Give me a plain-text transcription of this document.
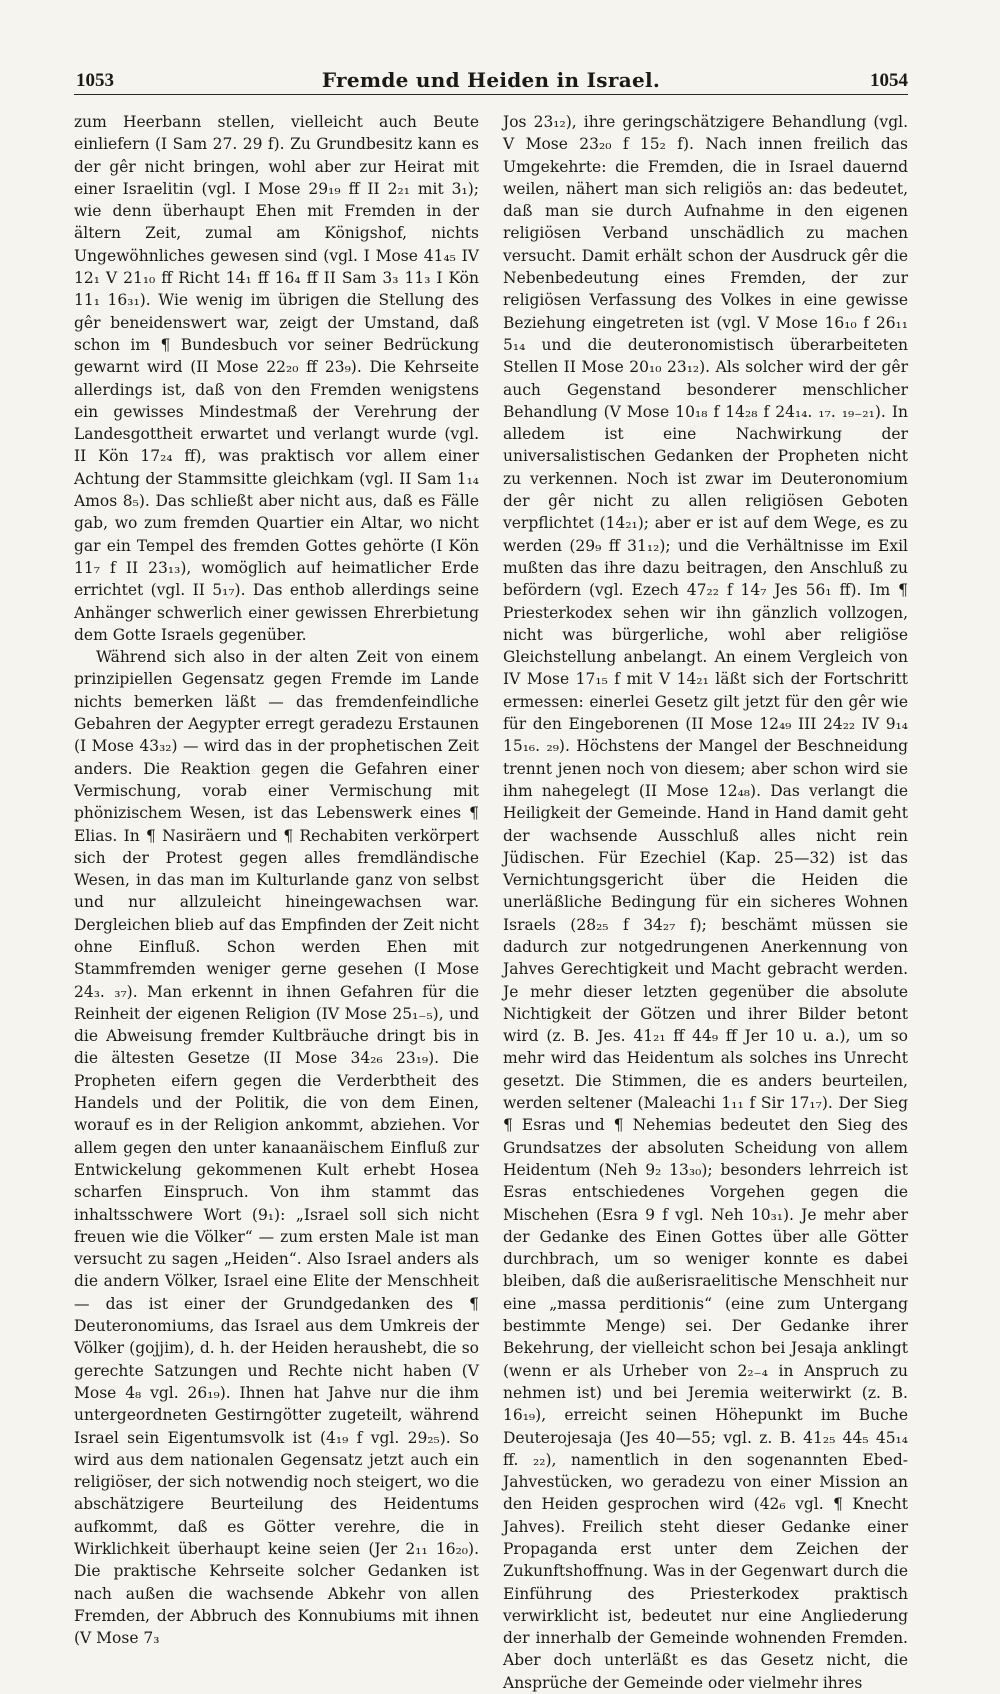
1053	Fremde und Heiden in Israel.	1054

zum Heerbann stellen, vielleicht auch Beute einliefern (I Sam 27. 29 f). Zu Grundbesitz kann es der gêr nicht bringen, wohl aber zur Heirat mit einer Israelitin (vgl. I Mose 29₁₉ ff II 2₂₁ mit 3₁); wie denn überhaupt Ehen mit Fremden in der ältern Zeit, zumal am Königshof, nichts Ungewöhnliches gewesen sind (vgl. I Mose 41₄₅ IV 12₁ V 21₁₀ ff Richt 14₁ ff 16₄ ff II Sam 3₃ 11₃ I Kön 11₁ 16₃₁). Wie wenig im übrigen die Stellung des gêr beneidenswert war, zeigt der Umstand, daß schon im ¶ Bundesbuch vor seiner Bedrückung gewarnt wird (II Mose 22₂₀ ff 23₉). Die Kehrseite allerdings ist, daß von den Fremden wenigstens ein gewisses Mindestmaß der Verehrung der Landesgottheit erwartet und verlangt wurde (vgl. II Kön 17₂₄ ff), was praktisch vor allem einer Achtung der Stammsitte gleichkam (vgl. II Sam 1₁₄ Amos 8₅). Das schließt aber nicht aus, daß es Fälle gab, wo zum fremden Quartier ein Altar, wo nicht gar ein Tempel des fremden Gottes gehörte (I Kön 11₇ f II 23₁₃), womöglich auf heimatlicher Erde errichtet (vgl. II 5₁₇). Das enthob allerdings seine Anhänger schwerlich einer gewissen Ehrerbietung dem Gotte Israels gegenüber.

Während sich also in der alten Zeit von einem prinzipiellen Gegensatz gegen Fremde im Lande nichts bemerken läßt — das fremdenfeindliche Gebahren der Aegypter erregt geradezu Erstaunen (I Mose 43₃₂) — wird das in der prophetischen Zeit anders. Die Reaktion gegen die Gefahren einer Vermischung, vorab einer Vermischung mit phönizischem Wesen, ist das Lebenswerk eines ¶ Elias. In ¶ Nasiräern und ¶ Rechabiten verkörpert sich der Protest gegen alles fremdländische Wesen, in das man im Kulturlande ganz von selbst und nur allzuleicht hineingewachsen war. Dergleichen blieb auf das Empfinden der Zeit nicht ohne Einfluß. Schon werden Ehen mit Stammfremden weniger gerne gesehen (I Mose 24₃. ₃₇). Man erkennt in ihnen Gefahren für die Reinheit der eigenen Religion (IV Mose 25₁₋₅), und die Abweisung fremder Kultbräuche dringt bis in die ältesten Gesetze (II Mose 34₂₆ 23₁₉). Die Propheten eifern gegen die Verderbtheit des Handels und der Politik, die von dem Einen, worauf es in der Religion ankommt, abziehen. Vor allem gegen den unter kanaanäischem Einfluß zur Entwickelung gekommenen Kult erhebt Hosea scharfen Einspruch. Von ihm stammt das inhaltsschwere Wort (9₁): „Israel soll sich nicht freuen wie die Völker“ — zum ersten Male ist man versucht zu sagen „Heiden“. Also Israel anders als die andern Völker, Israel eine Elite der Menschheit — das ist einer der Grundgedanken des ¶ Deuteronomiums, das Israel aus dem Umkreis der Völker (gojjim), d. h. der Heiden heraushebt, die so gerechte Satzungen und Rechte nicht haben (V Mose 4₈ vgl. 26₁₉). Ihnen hat Jahve nur die ihm untergeordneten Gestirngötter zugeteilt, während Israel sein Eigentumsvolk ist (4₁₉ f vgl. 29₂₅). So wird aus dem nationalen Gegensatz jetzt auch ein religiöser, der sich notwendig noch steigert, wo die abschätzigere Beurteilung des Heidentums aufkommt, daß es Götter verehre, die in Wirklichkeit überhaupt keine seien (Jer 2₁₁ 16₂₀). Die praktische Kehrseite solcher Gedanken ist nach außen die wachsende Abkehr von allen Fremden, der Abbruch des Konnubiums mit ihnen (V Mose 7₃

Jos 23₁₂), ihre geringschätzigere Behandlung (vgl. V Mose 23₂₀ f 15₂ f). Nach innen freilich das Umgekehrte: die Fremden, die in Israel dauernd weilen, nähert man sich religiös an: das bedeutet, daß man sie durch Aufnahme in den eigenen religiösen Verband unschädlich zu machen versucht. Damit erhält schon der Ausdruck gêr die Nebenbedeutung eines Fremden, der zur religiösen Verfassung des Volkes in eine gewisse Beziehung eingetreten ist (vgl. V Mose 16₁₀ f 26₁₁ 5₁₄ und die deuteronomistisch überarbeiteten Stellen II Mose 20₁₀ 23₁₂). Als solcher wird der gêr auch Gegenstand besonderer menschlicher Behandlung (V Mose 10₁₈ f 14₂₈ f 24₁₄. ₁₇. ₁₉₋₂₁). In alledem ist eine Nachwirkung der universalistischen Gedanken der Propheten nicht zu verkennen. Noch ist zwar im Deuteronomium der gêr nicht zu allen religiösen Geboten verpflichtet (14₂₁); aber er ist auf dem Wege, es zu werden (29₉ ff 31₁₂); und die Verhältnisse im Exil mußten das ihre dazu beitragen, den Anschluß zu befördern (vgl. Ezech 47₂₂ f 14₇ Jes 56₁ ff). Im ¶ Priesterkodex sehen wir ihn gänzlich vollzogen, nicht was bürgerliche, wohl aber religiöse Gleichstellung anbelangt. An einem Vergleich von IV Mose 17₁₅ f mit V 14₂₁ läßt sich der Fortschritt ermessen: einerlei Gesetz gilt jetzt für den gêr wie für den Eingeborenen (II Mose 12₄₉ III 24₂₂ IV 9₁₄ 15₁₆. ₂₉). Höchstens der Mangel der Beschneidung trennt jenen noch von diesem; aber schon wird sie ihm nahegelegt (II Mose 12₄₈). Das verlangt die Heiligkeit der Gemeinde. Hand in Hand damit geht der wachsende Ausschluß alles nicht rein Jüdischen. Für Ezechiel (Kap. 25—32) ist das Vernichtungsgericht über die Heiden die unerläßliche Bedingung für ein sicheres Wohnen Israels (28₂₅ f 34₂₇ f); beschämt müssen sie dadurch zur notgedrungenen Anerkennung von Jahves Gerechtigkeit und Macht gebracht werden. Je mehr dieser letzten gegenüber die absolute Nichtigkeit der Götzen und ihrer Bilder betont wird (z. B. Jes. 41₂₁ ff 44₉ ff Jer 10 u. a.), um so mehr wird das Heidentum als solches ins Unrecht gesetzt. Die Stimmen, die es anders beurteilen, werden seltener (Maleachi 1₁₁ f Sir 17₁₇). Der Sieg ¶ Esras und ¶ Nehemias bedeutet den Sieg des Grundsatzes der absoluten Scheidung von allem Heidentum (Neh 9₂ 13₃₀); besonders lehrreich ist Esras entschiedenes Vorgehen gegen die Mischehen (Esra 9 f vgl. Neh 10₃₁). Je mehr aber der Gedanke des Einen Gottes über alle Götter durchbrach, um so weniger konnte es dabei bleiben, daß die außerisraelitische Menschheit nur eine „massa perditionis“ (eine zum Untergang bestimmte Menge) sei. Der Gedanke ihrer Bekehrung, der vielleicht schon bei Jesaja anklingt (wenn er als Urheber von 2₂₋₄ in Anspruch zu nehmen ist) und bei Jeremia weiterwirkt (z. B. 16₁₉), erreicht seinen Höhepunkt im Buche Deuterojesaja (Jes 40—55; vgl. z. B. 41₂₅ 44₅ 45₁₄ ff. ₂₂), namentlich in den sogenannten Ebed-Jahvestücken, wo geradezu von einer Mission an den Heiden gesprochen wird (42₆ vgl. ¶ Knecht Jahves). Freilich steht dieser Gedanke einer Propaganda erst unter dem Zeichen der Zukunftshoffnung. Was in der Gegenwart durch die Einführung des Priesterkodex praktisch verwirklicht ist, bedeutet nur eine Angliederung der innerhalb der Gemeinde wohnenden Fremden. Aber doch unterläßt es das Gesetz nicht, die Ansprüche der Gemeinde oder vielmehr ihres
